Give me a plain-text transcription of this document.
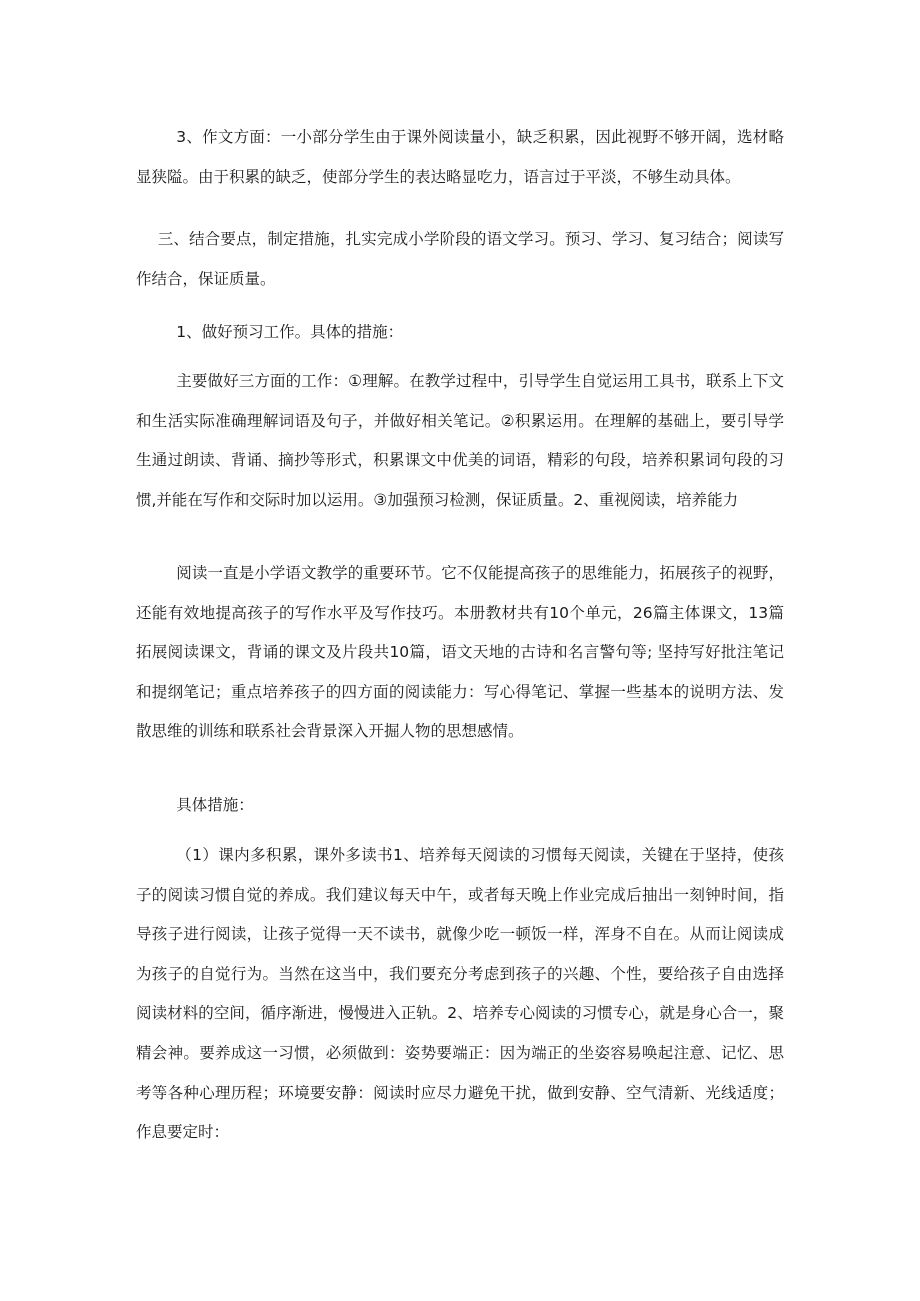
3、作文方面：一小部分学生由于课外阅读量小，缺乏积累，因此视野不够开阔，选材略显狭隘。由于积累的缺乏，使部分学生的表达略显吃力，语言过于平淡，不够生动具体。

三、结合要点，制定措施，扎实完成小学阶段的语文学习。预习、学习、复习结合；阅读写作结合，保证质量。

1、做好预习工作。具体的措施：

主要做好三方面的工作：①理解。在教学过程中，引导学生自觉运用工具书，联系上下文和生活实际准确理解词语及句子，并做好相关笔记。②积累运用。在理解的基础上，要引导学生通过朗读、背诵、摘抄等形式，积累课文中优美的词语，精彩的句段，培养积累词句段的习惯,并能在写作和交际时加以运用。③加强预习检测，保证质量。2、重视阅读，培养能力

阅读一直是小学语文教学的重要环节。它不仅能提高孩子的思维能力，拓展孩子的视野，还能有效地提高孩子的写作水平及写作技巧。本册教材共有10个单元，26篇主体课文，13篇拓展阅读课文，背诵的课文及片段共10篇，语文天地的古诗和名言警句等; 坚持写好批注笔记和提纲笔记；重点培养孩子的四方面的阅读能力：写心得笔记、掌握一些基本的说明方法、发散思维的训练和联系社会背景深入开掘人物的思想感情。

具体措施：

（1）课内多积累，课外多读书1、培养每天阅读的习惯每天阅读，关键在于坚持，使孩子的阅读习惯自觉的养成。我们建议每天中午，或者每天晚上作业完成后抽出一刻钟时间，指导孩子进行阅读，让孩子觉得一天不读书，就像少吃一顿饭一样，浑身不自在。从而让阅读成为孩子的自觉行为。当然在这当中，我们要充分考虑到孩子的兴趣、个性，要给孩子自由选择阅读材料的空间，循序渐进，慢慢进入正轨。2、培养专心阅读的习惯专心，就是身心合一，聚精会神。要养成这一习惯，必须做到：姿势要端正：因为端正的坐姿容易唤起注意、记忆、思考等各种心理历程；环境要安静：阅读时应尽力避免干扰，做到安静、空气清新、光线适度；作息要定时：
